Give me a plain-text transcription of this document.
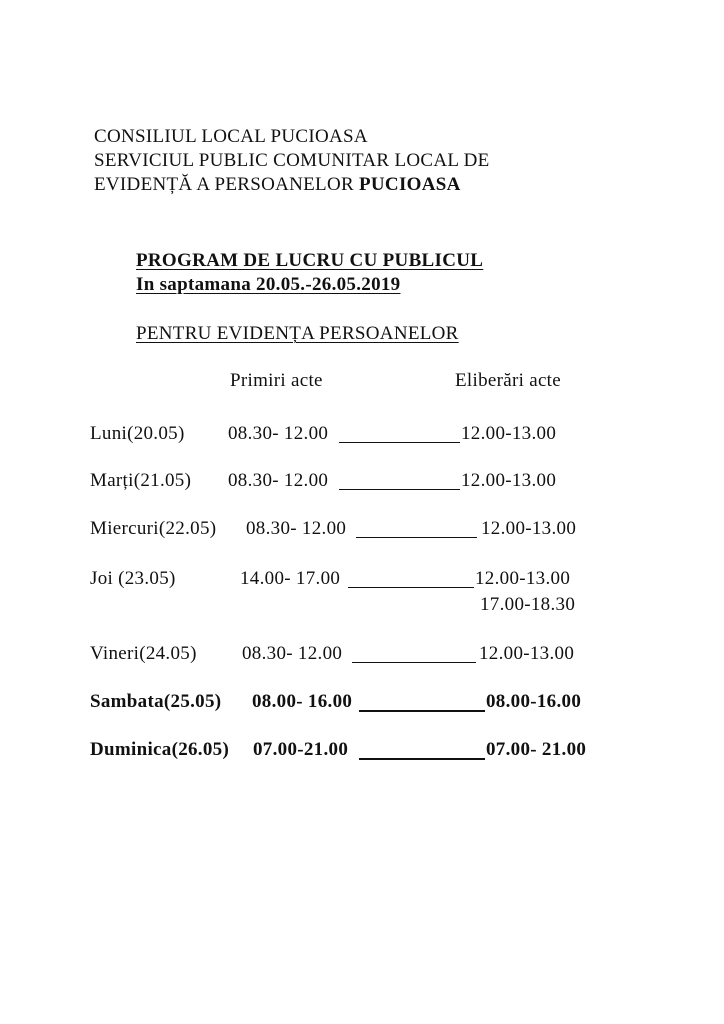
CONSILIUL LOCAL PUCIOASA
SERVICIUL PUBLIC COMUNITAR LOCAL DE
EVIDENȚĂ A PERSOANELOR PUCIOASA
PROGRAM DE LUCRU CU PUBLICUL
In saptamana 20.05.-26.05.2019
PENTRU EVIDENȚA PERSOANELOR
Primiri acte	Eliberări acte
Luni(20.05) 08.30- 12.00	12.00-13.00
Marți(21.05) 08.30- 12.00	12.00-13.00
Miercuri(22.05) 08.30- 12.00	12.00-13.00
Joi (23.05)	14.00- 17.00	12.00-13.00
17.00-18.30
Vineri(24.05) 08.30- 12.00	12.00-13.00
Sambata(25.05) 08.00- 16.00	08.00-16.00
Duminica(26.05) 07.00-21.00	07.00- 21.00
